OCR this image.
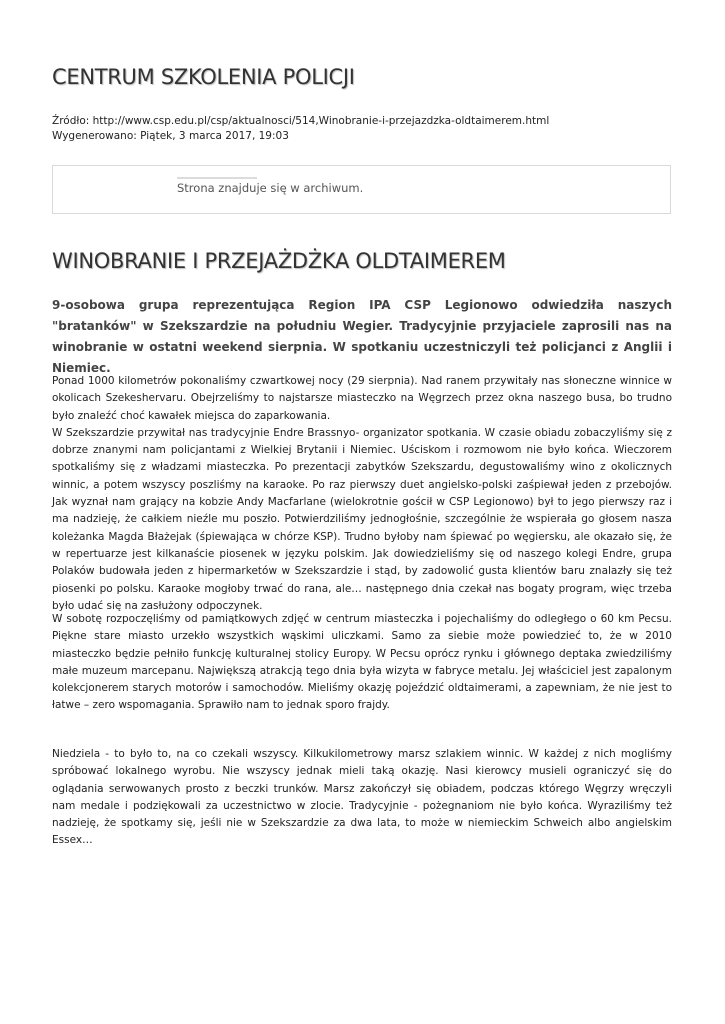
CENTRUM SZKOLENIA POLICJI
Źródło: http://www.csp.edu.pl/csp/aktualnosci/514,Winobranie-i-przejazdzka-oldtaimerem.html
Wygenerowano: Piątek, 3 marca 2017, 19:03
Strona znajduje się w archiwum.
WINOBRANIE I PRZEJAŻDŻKA OLDTAIMEREM

9-osobowa grupa reprezentująca Region IPA CSP Legionowo odwiedziła naszych "bratanków" w Szekszardzie na południu Wegier. Tradycyjnie przyjaciele zaprosili nas na winobranie w ostatni weekend sierpnia. W spotkaniu uczestniczyli też policjanci z Anglii i Niemiec.

Ponad 1000 kilometrów pokonaliśmy czwartkowej nocy (29 sierpnia). Nad ranem przywitały nas słoneczne winnice w okolicach Szekeshervaru. Obejrzeliśmy to najstarsze miasteczko na Węgrzech przez okna naszego busa, bo trudno było znaleźć choć kawałek miejsca do zaparkowania.
W Szekszardzie przywitał nas tradycyjnie Endre Brassnyo- organizator spotkania. W czasie obiadu zobaczyliśmy się z dobrze znanymi nam policjantami z Wielkiej Brytanii i Niemiec. Uściskom i rozmowom nie było końca. Wieczorem spotkaliśmy się z władzami miasteczka. Po prezentacji zabytków Szekszardu, degustowaliśmy wino z okolicznych winnic, a potem wszyscy poszliśmy na karaoke. Po raz pierwszy duet angielsko-polski zaśpiewał jeden z przebojów. Jak wyznał nam grający na kobzie Andy Macfarlane (wielokrotnie gościł w CSP Legionowo) był to jego pierwszy raz i ma nadzieję, że całkiem nieźle mu poszło. Potwierdziliśmy jednogłośnie, szczególnie że wspierała go głosem nasza koleżanka Magda Błażejak (śpiewająca w chórze KSP). Trudno byłoby nam śpiewać po węgiersku, ale okazało się, że w repertuarze jest kilkanaście piosenek w języku polskim. Jak dowiedzieliśmy się od naszego kolegi Endre, grupa Polaków budowała jeden z hipermarketów w Szekszardzie i stąd, by zadowolić gusta klientów baru znalazły się też piosenki po polsku. Karaoke mogłoby trwać do rana, ale… następnego dnia czekał nas bogaty program, więc trzeba było udać się na zasłużony odpoczynek.

W sobotę rozpoczęliśmy od pamiątkowych zdjęć w centrum miasteczka i pojechaliśmy do odległego o 60 km Pecsu. Piękne stare miasto urzekło wszystkich wąskimi uliczkami. Samo za siebie może powiedzieć to, że w 2010 miasteczko będzie pełniło funkcję kulturalnej stolicy Europy. W Pecsu oprócz rynku i głównego deptaka zwiedziliśmy małe muzeum marcepanu. Największą atrakcją tego dnia była wizyta w fabryce metalu. Jej właściciel jest zapalonym kolekcjonerem starych motorów i samochodów. Mieliśmy okazję pojeździć oldtaimerami, a zapewniam, że nie jest to łatwe – zero wspomagania. Sprawiło nam to jednak sporo frajdy.

Niedziela - to było to, na co czekali wszyscy. Kilkukilometrowy marsz szlakiem winnic. W każdej z nich mogliśmy spróbować lokalnego wyrobu. Nie wszyscy jednak mieli taką okazję. Nasi kierowcy musieli ograniczyć się do oglądania serwowanych prosto z beczki trunków. Marsz zakończył się obiadem, podczas którego Węgrzy wręczyli nam medale i podziękowali za uczestnictwo w zlocie. Tradycyjnie - pożegnaniom nie było końca. Wyraziliśmy też nadzieję, że spotkamy się, jeśli nie w Szekszardzie za dwa lata, to może w niemieckim Schweich albo angielskim Essex…
